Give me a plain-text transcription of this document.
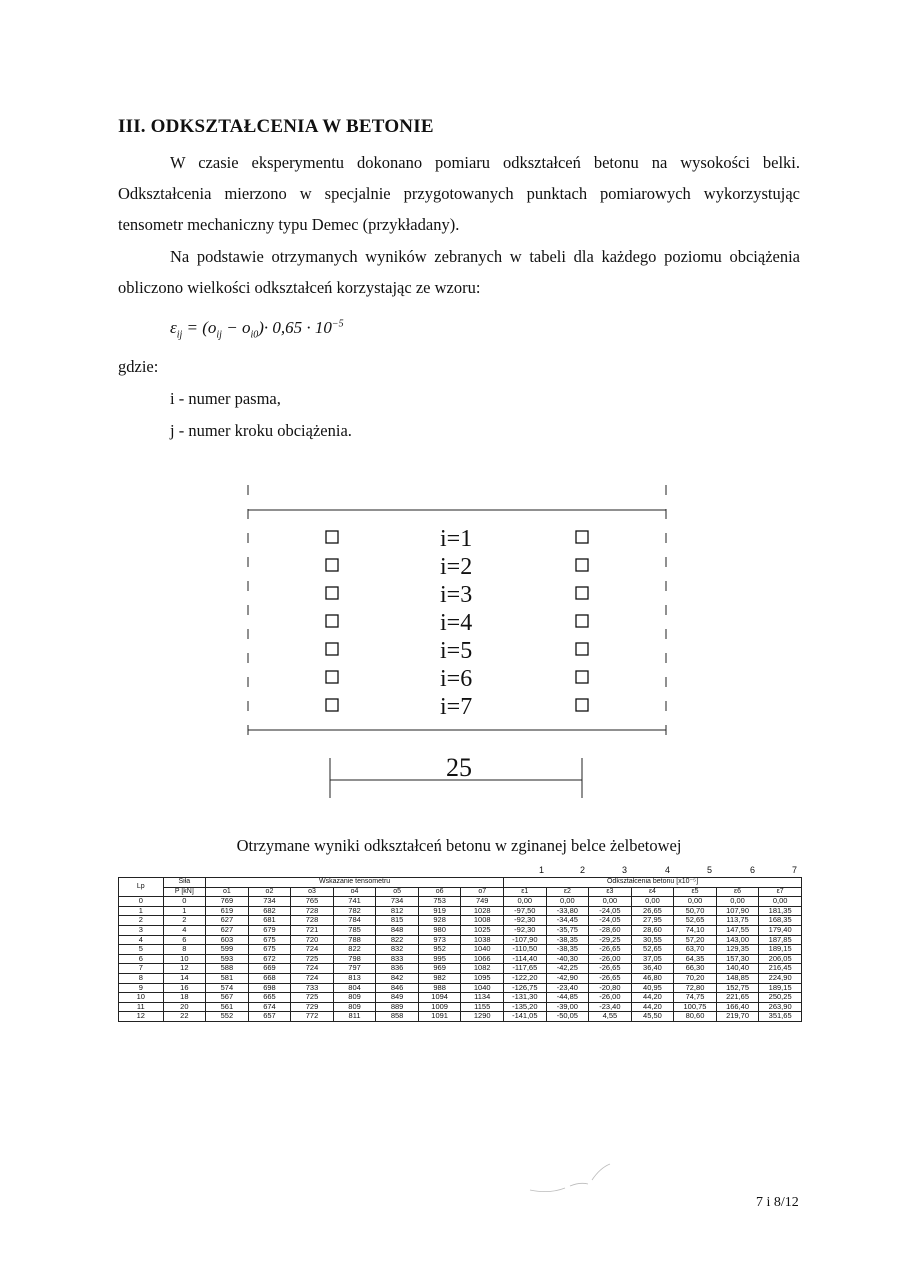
III. ODKSZTAŁCENIA W BETONIE
W czasie eksperymentu dokonano pomiaru odkształceń betonu na wysokości belki. Odkształcenia mierzono w specjalnie przygotowanych punktach pomiarowych wykorzystując tensometr mechaniczny typu Demec (przykładany).
Na podstawie otrzymanych wyników zebranych w tabeli dla każdego poziomu obciążenia obliczono wielkości odkształceń korzystając ze wzoru:
$\varepsilon_{ij} = (o_{ij} - o_{i0})\cdot 0,65 \cdot 10^{-5}$
gdzie:
i - numer pasma,
j - numer kroku obciążenia.
i=1
i=2
i=3
i=4
i=5
i=6
i=7
25
Otrzymane wyniki odkształceń betonu w zginanej belce żelbetowej
1	2	3	4	5	6	7
Lp	Siła	Wskazanie tensometru							Odkształcenia betonu [x10⁻⁵]						
	P [kN]	o1	o2	o3	o4	o5	o6	o7	ε1	ε2	ε3	ε4	ε5	ε6	ε7
0	0	769	734	765	741	734	753	749	0,00	0,00	0,00	0,00	0,00	0,00	0,00
1	1	619	682	728	782	812	919	1028	-97,50	-33,80	-24,05	26,65	50,70	107,90	181,35
2	2	627	681	728	784	815	928	1008	-92,30	-34,45	-24,05	27,95	52,65	113,75	168,35
3	4	627	679	721	785	848	980	1025	-92,30	-35,75	-28,60	28,60	74,10	147,55	179,40
4	6	603	675	720	788	822	973	1038	-107,90	-38,35	-29,25	30,55	57,20	143,00	187,85
5	8	599	675	724	822	832	952	1040	-110,50	-38,35	-26,65	52,65	63,70	129,35	189,15
6	10	593	672	725	798	833	995	1066	-114,40	-40,30	-26,00	37,05	64,35	157,30	206,05
7	12	588	669	724	797	836	969	1082	-117,65	-42,25	-26,65	36,40	66,30	140,40	216,45
8	14	581	668	724	813	842	982	1095	-122,20	-42,90	-26,65	46,80	70,20	148,85	224,90
9	16	574	698	733	804	846	988	1040	-126,75	-23,40	-20,80	40,95	72,80	152,75	189,15
10	18	567	665	725	809	849	1094	1134	-131,30	-44,85	-26,00	44,20	74,75	221,65	250,25
11	20	561	674	729	809	889	1009	1155	-135,20	-39,00	-23,40	44,20	100,75	166,40	263,90
12	22	552	657	772	811	858	1091	1290	-141,05	-50,05	4,55	45,50	80,60	219,70	351,65
7 i 8/12
